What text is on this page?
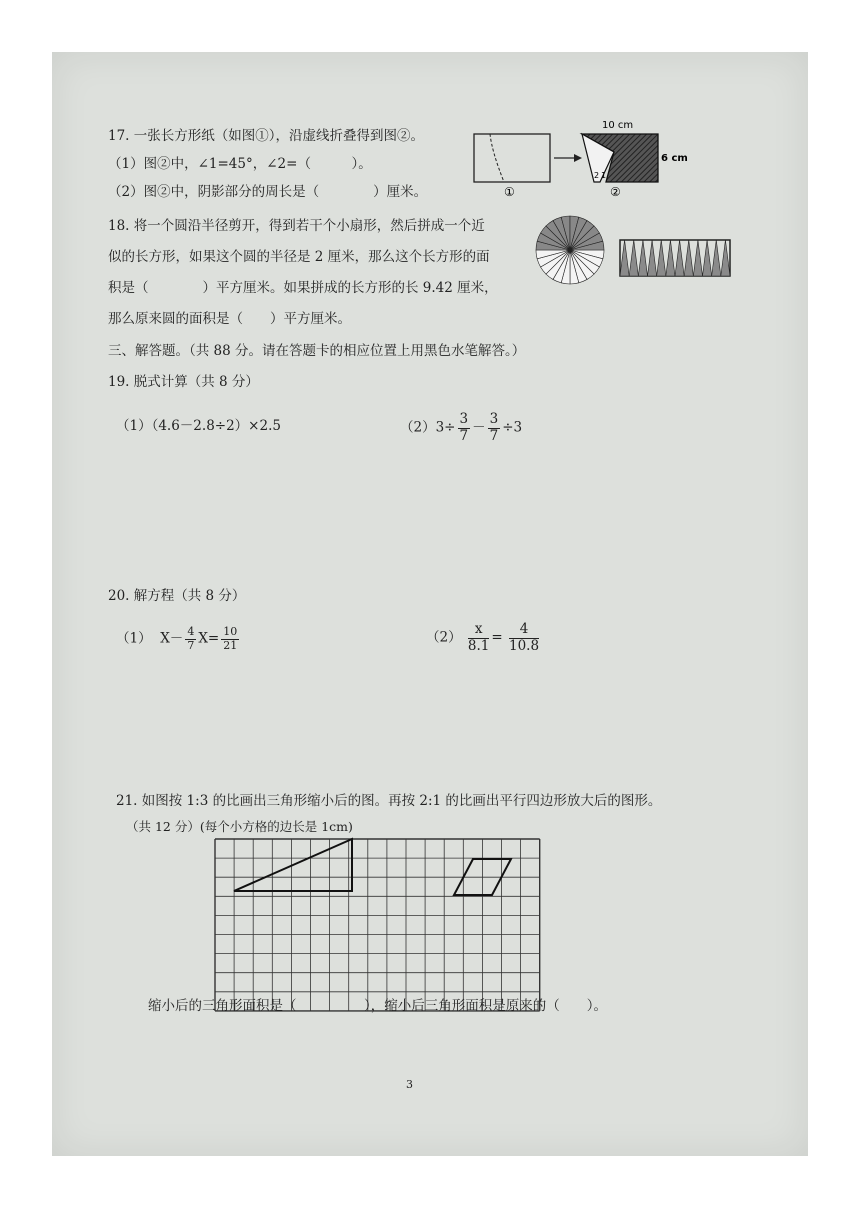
17. 一张长方形纸（如图①），沿虚线折叠得到图②。
（1）图②中，∠1=45°，∠2=（　　　）。
（2）图②中，阴影部分的周长是（　　　　）厘米。
10 cm
6 cm
2 1
①	②
18. 将一个圆沿半径剪开，得到若干个小扇形，然后拼成一个近
似的长方形，如果这个圆的半径是 2 厘米，那么这个长方形的面
积是（　　　　）平方厘米。如果拼成的长方形的长 9.42 厘米，
那么原来圆的面积是（　　）平方厘米。
三、解答题。（共 88 分。请在答题卡的相应位置上用黑色水笔解答。）
19. 脱式计算（共 8 分）
（1）（4.6－2.8÷2）×2.5	$(2)3\div \frac{3}{7} - \frac{3}{7} \div 3$
20. 解方程（共 8 分）
（1） $X- \frac{4}{7} X= \frac{10}{21}$	$(2) \frac{x}{8.1} = \frac{4}{10.8}$
21. 如图按 1:3 的比画出三角形缩小后的图。再按 2:1 的比画出平行四边形放大后的图形。
（共 12 分）(每个小方格的边长是 1cm)
缩小后的三角形面积是（　　　　　），缩小后三角形面积是原来的（　　）。
3
